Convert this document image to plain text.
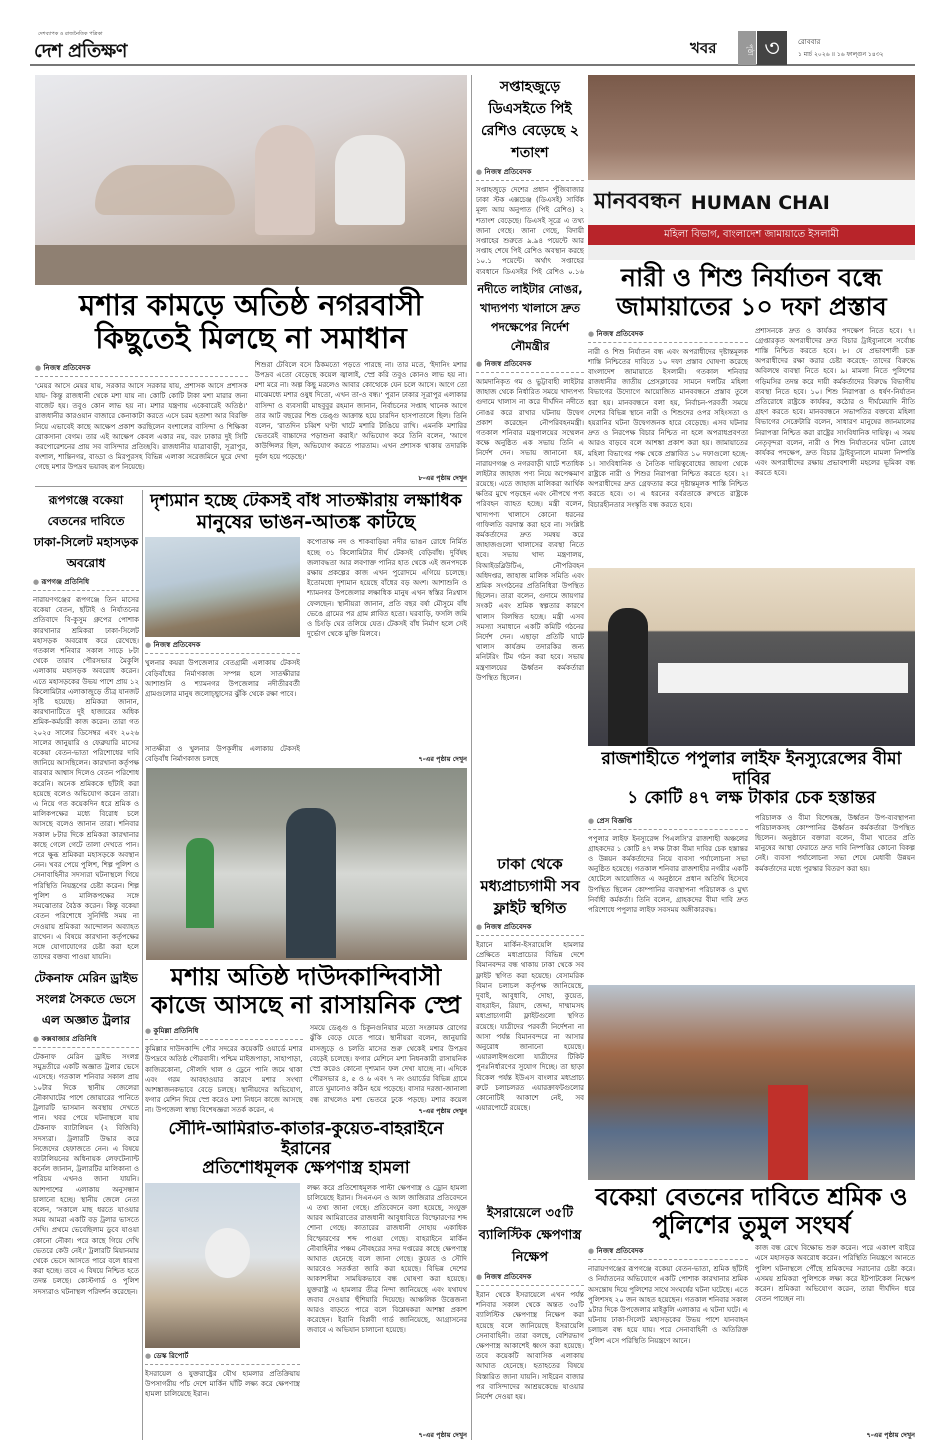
দেশব্যাপক ও রাজনৈতিক পত্রিকা
দেশ প্রতিক্ষণ	খবর	পৃষ্ঠা ৩	রোববার
১ মার্চ ২০২৬ ॥ ১৬ ফাল্গুন ১৪৩২
মশার কামড়ে অতিষ্ঠ নগরবাসী
কিছুতেই মিলছে না সমাধান
● নিজস্ব প্রতিবেদক
'মেয়র আসে মেয়র যায়, সরকার আসে সরকার যায়, প্রশাসক আসে প্রশাসক যায়- কিন্তু রাজধানী থেকে মশা যায় না। কোটি কোটি টাকা মশা মারার জন্য বাজেট হয়। তবুও কোন লাভ হয় না। মশার যন্ত্রণায় একেবারেই অতিষ্ঠ।' রাজধানীর কারওয়ান বাজারে কেনাকাটা করতে এসে চরম হতাশা আর বিরক্তি নিয়ে এভাবেই কাছে আক্ষেপ প্রকাশ করছিলেন বংশালের বাসিন্দা ও শিক্ষিকা রোকসানা বেগম। তার এই আক্ষেপ কেবল একার নয়, বরং ঢাকার দুই সিটি করপোরেশনের প্রায় সব বাসিন্দার প্রতিচ্ছবি। রাজধানীর যাত্রাবাড়ী, সূত্রাপুর, বংশাল, শান্তিনগর, বাড্ডা ও মিরপুরসহ বিভিন্ন এলাকা সরেজমিনে ঘুরে দেখা গেছে মশার উপদ্রব ভয়াবহ রূপ নিয়েছে।
শিশুরা টেবিলে বসে ঠিকমতো পড়তে পারছে না। তার মতে, 'ইদানিং মশার উপদ্রব এতো বেড়েছে কয়েল জ্বালাই, স্প্রে করি তবুও কোনও লাভ হয় না। মশা মরে না। অল্প কিছু মরলেও আবার কোত্থেকে যেন চলে আসে। আগে তো মাঝেমধ্যে মশার ওষুধ দিতো, এখন তা-ও বন্ধ।' পুরান ঢাকার সূত্রাপুর এলাকার বাসিন্দা ও ব্যবসায়ী মাহবুবুর রহমান জানান, নির্বাচনের সপ্তাহ খানেক আগে তার আট বছরের শিশু ডেঙ্গু আক্রান্ত হয়ে চারদিন হাসপাতালে ছিল। তিনি বলেন, 'রাতদিন চব্বিশ ঘণ্টা খাটে মশারি টাঙিয়ে রাখি। এমনকি মশারির ভেতরেই বাচ্চাদের পড়াশুনা করাই।' অভিযোগ করে তিনি বলেন, 'আগে কাউন্সিলর ছিল, অভিযোগ করতে পারতাম। এখন প্রশাসক থাকায় তদারকি দুর্বল হয়ে পড়েছে।'
৮-এর পৃষ্ঠায় দেখুন
সপ্তাহজুড়ে ডিএসইতে পিই রেশিও বেড়েছে ২ শতাংশ
● নিজস্ব প্রতিবেদক
সপ্তাহজুড়ে দেশের প্রধান পুঁজিবাজার ঢাকা স্টক এক্সচেঞ্জ (ডিএসই) সার্বিক মূল্য আয় অনুপাত (পিই রেশিও) ২ শতাংশ বেড়েছে। ডিএসই সূত্রে এ তথ্য জানা গেছে। জানা গেছে, বিদায়ী সপ্তাহের শুরুতে ৯.৯৪ পয়েন্টে আর সপ্তাহ শেষে পিই রেশিও অবস্থান করছে ১০.১ পয়েন্টে। অর্থাৎ সপ্তাহের ব্যবধানে ডিএসইর পিই রেশিও ০.১৬
নদীতে লাইটার নোঙর, খাদ্যপণ্য খালাসে দ্রুত পদক্ষেপের নির্দেশ নৌমন্ত্রীর
● নিজস্ব প্রতিবেদক
আমদানিকৃত গম ও ভুট্টাবাহী লাইটার জাহাজ থেকে নির্ধারিত সময়ে খাদ্যপণ্য গুদামে খালাস না করে দীর্ঘদিন নদীতে নোঙর করে রাখার ঘটনায় উদ্বেগ প্রকাশ করেছেন নৌপরিবহনমন্ত্রী। গতকাল শনিবার মন্ত্রণালয়ের সম্মেলন কক্ষে অনুষ্ঠিত এক সভায় তিনি এ নির্দেশ দেন। সভায় জানানো হয়, নারায়ণগঞ্জ ও নগরবাড়ী ঘাটে শতাধিক লাইটার জাহাজ পণ্য নিয়ে অপেক্ষমাণ রয়েছে। এতে জাহাজ মালিকরা আর্থিক ক্ষতির মুখে পড়ছেন এবং নৌপথে পণ্য পরিবহন ব্যাহত হচ্ছে। মন্ত্রী বলেন, খাদ্যপণ্য খালাসে কোনো ধরনের গাফিলতি বরদাস্ত করা হবে না। সংশ্লিষ্ট কর্মকর্তাদের দ্রুত সমন্বয় করে জাহাজগুলো খালাসের ব্যবস্থা নিতে হবে। সভায় খাদ্য মন্ত্রণালয়, বিআইডব্লিউটিএ, নৌপরিবহন অধিদপ্তর, জাহাজ মালিক সমিতি এবং শ্রমিক সংগঠনের প্রতিনিধিরা উপস্থিত ছিলেন। তারা বলেন, গুদামে জায়গার সংকট এবং শ্রমিক স্বল্পতার কারণে খালাস বিলম্বিত হচ্ছে। মন্ত্রী এসব সমস্যা সমাধানে একটি কমিটি গঠনের নির্দেশ দেন। এছাড়া প্রতিটি ঘাটে খালাস কার্যক্রম তদারকির জন্য মনিটরিং টিম গঠন করা হবে। সভায় মন্ত্রণালয়ের ঊর্ধ্বতন কর্মকর্তারা উপস্থিত ছিলেন।
ঢাকা থেকে মধ্যপ্রাচ্যগামী সব ফ্লাইট স্থগিত
● নিজস্ব প্রতিবেদক
ইরানে মার্কিন-ইসরায়েলি হামলার প্রেক্ষিতে মধ্যপ্রাচ্যের বিভিন্ন দেশে বিমানবন্দর বন্ধ থাকায় ঢাকা থেকে সব ফ্লাইট স্থগিত করা হয়েছে। বেসামরিক বিমান চলাচল কর্তৃপক্ষ জানিয়েছে, দুবাই, আবুধাবি, দোহা, কুয়েত, বাহরাইন, রিয়াদ, জেদ্দা, দাম্মামসহ মধ্যপ্রাচ্যগামী ফ্লাইটগুলো স্থগিত রয়েছে। যাত্রীদের পরবর্তী নির্দেশনা না আসা পর্যন্ত বিমানবন্দরে না আসার অনুরোধ জানানো হয়েছে। এয়ারলাইন্সগুলো যাত্রীদের টিকিট পুনঃনির্ধারণের সুযোগ দিচ্ছে। তা ছাড়া বিকেল পর্যন্ত ইউএস বাংলার মধ্যপ্রাচ্য রুটে চলাচলরত এয়ারক্রাফটগুলোর কোনোটিই আকাশে নেই, সব এয়ারপোর্টে রয়েছে।
ইসরায়েলে ৩৫টি ব্যালিস্টিক ক্ষেপণাস্ত্র নিক্ষেপ
● নিজস্ব প্রতিবেদক
ইরান থেকে ইসরায়েলে এখন পর্যন্ত শনিবার সকাল থেকে অন্তত ৩৫টি ব্যালিস্টিক ক্ষেপণাস্ত্র নিক্ষেপ করা হয়েছে বলে জানিয়েছে ইসরায়েলি সেনাবাহিনী। তারা বলছে, বেশিরভাগ ক্ষেপণাস্ত্র আকাশেই ধ্বংস করা হয়েছে। তবে কয়েকটি আবাসিক এলাকায় আঘাত হেনেছে। হতাহতের বিষয়ে বিস্তারিত জানা যায়নি। সাইরেন বাজার পর বাসিন্দাদের আশ্রয়কেন্দ্রে যাওয়ার নির্দেশ দেওয়া হয়।
মানববন্ধন HUMAN CHAI
মহিলা বিভাগ, বাংলাদেশ জামায়াতে ইসলামী
নারী ও শিশু নির্যাতন বন্ধে
জামায়াতের ১০ দফা প্রস্তাব
● নিজস্ব প্রতিবেদক
নারী ও শিশু নির্যাতন বন্ধ এবং অপরাধীদের দৃষ্টান্তমূলক শাস্তি নিশ্চিতের দাবিতে ১০ দফা প্রস্তাব ঘোষণা করেছে বাংলাদেশ জামায়াতে ইসলামী। গতকাল শনিবার রাজধানীর জাতীয় প্রেসক্লাবের সামনে দলটির মহিলা বিভাগের উদ্যোগে আয়োজিত মানববন্ধনে প্রস্তাব তুলে ধরা হয়। মানববন্ধনে বলা হয়, নির্বাচন-পরবর্তী সময়ে দেশের বিভিন্ন স্থানে নারী ও শিশুদের ওপর সহিংসতা ও হয়রানির ঘটনা উদ্বেগজনক হারে বেড়েছে। এসব ঘটনার দ্রুত ও নিরপেক্ষ বিচার নিশ্চিত না হলে অপরাধপ্রবণতা আরও বাড়বে বলে আশঙ্কা প্রকাশ করা হয়। জামায়াতের মহিলা বিভাগের পক্ষ থেকে প্রস্তাবিত ১০ দফাগুলো হচ্ছে- ১। সাংবিধানিক ও নৈতিক দায়িত্ববোধের জায়গা থেকে রাষ্ট্রকে নারী ও শিশুর নিরাপত্তা নিশ্চিত করতে হবে। ২। অপরাধীদের দ্রুত গ্রেফতার করে দৃষ্টান্তমূলক শাস্তি নিশ্চিত করতে হবে। ৩। এ ধরনের বর্বরতাকে রুখতে রাষ্ট্রকে বিচারহীনতার সংস্কৃতি বন্ধ করতে হবে।
প্রশাসনকে দ্রুত ও কার্যকর পদক্ষেপ নিতে হবে। ৭। গ্রেপ্তারকৃত অপরাধীদের দ্রুত বিচার ট্রাইব্যুনালে সর্বোচ্চ শাস্তি নিশ্চিত করতে হবে। ৮। যে প্রভাবশালী চক্র অপরাধীদের রক্ষা করার চেষ্টা করেছে- তাদের বিরুদ্ধে অবিলম্বে ব্যবস্থা নিতে হবে। ৯। মামলা নিতে পুলিশের গড়িমসির তদন্ত করে দায়ী কর্মকর্তাদের বিরুদ্ধে বিভাগীয় ব্যবস্থা নিতে হবে। ১০। শিশু নিরাপত্তা ও ধর্ষণ-নির্যাতন প্রতিরোধে রাষ্ট্রকে কার্যকর, কঠোর ও দীর্ঘমেয়াদি নীতি গ্রহণ করতে হবে। মানববন্ধনে সভাপতির বক্তব্যে মহিলা বিভাগের সেক্রেটারি বলেন, সাধারণ মানুষের জানমালের নিরাপত্তা নিশ্চিত করা রাষ্ট্রের সাংবিধানিক দায়িত্ব। এ সময় নেতৃবৃন্দরা বলেন, নারী ও শিশু নির্যাতনের ঘটনা রোধে কার্যকর পদক্ষেপ, দ্রুত বিচার ট্রাইব্যুনালে মামলা নিষ্পত্তি এবং অপরাধীদের রক্ষায় প্রভাবশালী মহলের ভূমিকা বন্ধ করতে হবে।
রাজশাহীতে পপুলার লাইফ ইনস্যুরেন্সের বীমা দাবির
১ কোটি ৪৭ লক্ষ টাকার চেক হস্তান্তর
● প্রেস বিজ্ঞপ্তি
পপুলার লাইফ ইনস্যুরেন্স পিএলসি'র রাজশাহী অঞ্চলের গ্রাহকদের ১ কোটি ৪৭ লক্ষ টাকা বীমা দাবির চেক হস্তান্তর ও উন্নয়ন কর্মকর্তাদের নিয়ে ব্যবসা পর্যালোচনা সভা অনুষ্ঠিত হয়েছে। গতকাল শনিবার রাজশাহীর নগরীর একটি হোটেলে আয়োজিত এ অনুষ্ঠানে প্রধান অতিথি হিসেবে উপস্থিত ছিলেন কোম্পানির ব্যবস্থাপনা পরিচালক ও মুখ্য নির্বাহী কর্মকর্তা। তিনি বলেন, গ্রাহকদের বীমা দাবি দ্রুত পরিশোধে পপুলার লাইফ সবসময় অঙ্গীকারবদ্ধ।
পরিচালক ও বীমা বিশেষজ্ঞ, উর্ধ্বতন উপ-ব্যবস্থাপনা পরিচালকসহ কোম্পানির ঊর্ধ্বতন কর্মকর্তারা উপস্থিত ছিলেন। অনুষ্ঠানে বক্তারা বলেন, বীমা খাতের প্রতি মানুষের আস্থা ফেরাতে দ্রুত দাবি নিষ্পত্তির কোনো বিকল্প নেই। ব্যবসা পর্যালোচনা সভা শেষে মেধাবী উন্নয়ন কর্মকর্তাদের মধ্যে পুরস্কার বিতরণ করা হয়।
বকেয়া বেতনের দাবিতে শ্রমিক ও
পুলিশের তুমুল সংঘর্ষ
● নিজস্ব প্রতিবেদক
নারায়ণগঞ্জের রূপগঞ্জে বকেয়া বেতন-ভাতা, শ্রমিক ছাঁটাই ও নির্যাতনের অভিযোগে একটি পোশাক কারখানার শ্রমিক অসন্তোষ দিয়ে পুলিশের সাথে সংঘর্ষের ঘটনা ঘটেছে। এতে পুলিশসহ ২০ জন আহত হয়েছেন। গতকাল শনিবার সকাল ৯টার দিকে উপজেলার মাইকুলি এলাকার এ ঘটনা ঘটে। এ ঘটনায় ঢাকা-সিলেট মহাসড়কের উভয় পাশে যানবাহন চলাচল বন্ধ হয়ে যায়। পরে সেনাবাহিনী ও অতিরিক্ত পুলিশ এসে পরিস্থিতি নিয়ন্ত্রণে আনে।
কাজ বন্ধ রেখে বিক্ষোভ শুরু করেন। পরে একাংশ বাইরে এসে মহাসড়ক অবরোধ করেন। পরিস্থিতি নিয়ন্ত্রণে আনতে পুলিশ ঘটনাস্থলে পৌঁছে শ্রমিকদের সরানোর চেষ্টা করে। এসময় শ্রমিকরা পুলিশকে লক্ষ্য করে ইটপাটকেল নিক্ষেপ করেন। শ্রমিকরা অভিযোগ করেন, তারা দীর্ঘদিন ধরে বেতন পাচ্ছেন না।
৭-এর পৃষ্ঠায় দেখুন
রূপগঞ্জে বকেয়া বেতনের দাবিতে ঢাকা-সিলেট মহাসড়ক অবরোধ
● রূপগঞ্জ প্রতিনিধি
নারায়ণগঞ্জের রূপগঞ্জে তিন মাসের বকেয়া বেতন, ছাঁটাই ও নির্যাতনের প্রতিবাদে বি-কুসুম গ্রুপের পোশাক কারখানার শ্রমিকরা ঢাকা-সিলেট মহাসড়ক অবরোধ করে রেখেছে। গতকাল শনিবার সকাল সাড়ে ৮টা থেকে তারাব পৌরসভার মৈকুলি এলাকায় মহাসড়ক অবরোধ করেন। এতে মহাসড়কের উভয় পাশে প্রায় ১২ কিলোমিটার এলাকাজুড়ে তীব্র যানজট সৃষ্টি হয়েছে। শ্রমিকরা জানান, কারখানাটিতে দুই হাজারের অধিক শ্রমিক-কর্মচারী কাজ করেন। তারা গত ২০২৫ সালের ডিসেম্বর এবং ২০২৬ সালের জানুয়ারি ও ফেব্রুয়ারি মাসের বকেয়া বেতন-ভাতা পরিশোধের দাবি জানিয়ে আসছিলেন। কারখানা কর্তৃপক্ষ বারবার আশ্বাস দিলেও বেতন পরিশোধ করেনি। অনেক শ্রমিককে ছাঁটাই করা হয়েছে বলেও অভিযোগ করেন তারা। এ নিয়ে গত কয়েকদিন ধরে শ্রমিক ও মালিকপক্ষের মধ্যে বিরোধ চলে আসছে বলেও জানান তারা। শনিবার সকাল ৮টার দিকে শ্রমিকরা কারখানার কাছে গেলে গেটে তালা দেখতে পান। পরে ক্ষুব্ধ শ্রমিকরা মহাসড়কে অবস্থান নেন। খবর পেয়ে পুলিশ, শিল্প পুলিশ ও সেনাবাহিনীর সদস্যরা ঘটনাস্থলে গিয়ে পরিস্থিতি নিয়ন্ত্রণের চেষ্টা করেন। শিল্প পুলিশ ও মালিকপক্ষের সঙ্গে সমঝোতার বৈঠক করেন। কিন্তু বকেয়া বেতন পরিশোধে সুনির্দিষ্ট সময় না দেওয়ায় শ্রমিকরা আন্দোলন অব্যাহত রাখেন। এ বিষয়ে কারখানা কর্তৃপক্ষের সঙ্গে যোগাযোগের চেষ্টা করা হলে তাদের বক্তব্য পাওয়া যায়নি।
টেকনাফ মেরিন ড্রাইভ সংলগ্ন সৈকতে ভেসে এল অজ্ঞাত ট্রলার
● কক্সবাজার প্রতিনিধি
টেকনাফ মেরিন ড্রাইভ সংলগ্ন সমুদ্রতীরে একটি অজ্ঞাত ট্রলার ভেসে এসেছে। গতকাল শনিবার সকাল প্রায় ১০টার দিকে স্থানীয় জেলেরা নৌকাঘাটের পাশে জোয়ারের পানিতে ট্রলারটি ভাসমান অবস্থায় দেখতে পান। খবর পেয়ে ঘটনাস্থলে যায় টেকনাফ ব্যাটালিয়ন (২ বিজিবি) সদস্যরা। ট্রলারটি উদ্ধার করে নিজেদের হেফাজতে নেন। এ বিষয়ে ব্যাটালিয়নের অধিনায়ক লেফটেন্যান্ট কর্নেল জানান, ট্রলারটির মালিকানা ও পরিচয় এখনও জানা যায়নি। আশপাশের এলাকায় অনুসন্ধান চালানো হচ্ছে। স্থানীয় জেলে নেতা বলেন, 'সকালে মাছ ধরতে যাওয়ার সময় আমরা একটি বড় ট্রলার ভাসতে দেখি। প্রথমে ভেবেছিলাম ডুবে যাওয়া কোনো নৌকা। পরে কাছে গিয়ে দেখি ভেতরে কেউ নেই।' ট্রলারটি মিয়ানমার থেকে ভেসে আসতে পারে বলে ধারণা করা হচ্ছে। তবে এ বিষয়ে নিশ্চিত হতে তদন্ত চলছে। কোস্টগার্ড ও পুলিশ সদস্যরাও ঘটনাস্থল পরিদর্শন করেছেন।
দৃশ্যমান হচ্ছে টেকসই বাঁধ সাতক্ষীরায় লক্ষাধিক
মানুষের ভাঙন-আতঙ্ক কাটছে
● নিজস্ব প্রতিবেদক
খুলনার কয়রা উপজেলার বেতগ্রামী এলাকায় টেকসই বেড়িবাঁধের নির্মাণকাজ সম্পন্ন হলে সাতক্ষীরার আশাশুনি ও শ্যামনগর উপজেলার নদীতীরবর্তী গ্রামগুলোর মানুষ জলোচ্ছ্বাসের ঝুঁকি থেকে রক্ষা পাবে।
সাতক্ষীরা ও খুলনার উপকূলীয় এলাকায় টেকসই বেড়িবাঁধ নির্মাণকাজ চলছে
কপোতাক্ষ নদ ও শাকবাড়িয়া নদীর ভাঙন রোধে নির্মিত হচ্ছে ৩১ কিলোমিটার দীর্ঘ টেকসই বেড়িবাঁধ। দুর্বিষহ জলাবদ্ধতা আর লবণাক্ত পানির হাত থেকে এই জনপদকে রক্ষায় প্রকল্পের কাজ এখন পুরোদমে এগিয়ে চলেছে। ইতোমধ্যে দৃশ্যমান হয়েছে বাঁধের বড় অংশ। আশাশুনি ও শ্যামনগর উপজেলার লক্ষাধিক মানুষ এখন স্বস্তির নিঃশ্বাস ফেলছেন। স্থানীয়রা জানান, প্রতি বছর বর্ষা মৌসুমে বাঁধ ভেঙে গ্রামের পর গ্রাম প্লাবিত হতো। ঘরবাড়ি, ফসলি জমি ও চিংড়ি ঘের তলিয়ে যেত। টেকসই বাঁধ নির্মাণ হলে সেই দুর্ভোগ থেকে মুক্তি মিলবে।
৭-এর পৃষ্ঠায় দেখুন
মশায় অতিষ্ঠ দাউদকান্দিবাসী
কাজে আসছে না রাসায়নিক স্প্রে
● কুমিল্লা প্রতিনিধি
কুমিল্লার দাউদকান্দি পৌর সদরের কয়েকটি ওয়ার্ডে মশার উপদ্রবে অতিষ্ঠ পৌরবাসী। পশ্চিম মাইজপাড়া, সাহাপাড়া, কাজিরকোনা, সৌলদি খাল ও ড্রেনে পানি জমে থাকা এবং গরম আবহাওয়ার কারণে মশার সংখ্যা আশঙ্কাজনকভাবে বেড়ে চলছে। স্থানীয়দের অভিযোগ, ফগার মেশিন দিয়ে স্প্রে করেও মশা নিধনে কাজে আসছে না। উপজেলা স্বাস্থ্য বিশেষজ্ঞরা সতর্ক করেন, এ
সময়ে ডেঙ্গু ও চিকুনগুনিয়ার মতো সংক্রামক রোগের ঝুঁকি বেড়ে যেতে পারে। স্থানীয়রা বলেন, জানুয়ারি মাসজুড়ে ও চলতি মাসের শুরু থেকেই মশার উপদ্রব বেড়েই চলেছে। ফগার মেশিনে মশা নিধনকারী রাসায়নিক স্প্রে করেও কোনো দৃশ্যমান ফল দেখা যাচ্ছে না। এদিকে পৌরসভার ৪, ৫ ও ৬ এবং ৭ নং ওয়ার্ডের বিভিন্ন গ্রামে রাতে ঘুমানোও কঠিন হয়ে পড়েছে। বাসার দরজা-জানালা বন্ধ রাখলেও মশা ভেতরে ঢুকে পড়ছে। মশার কয়েল
৭-এর পৃষ্ঠায় দেখুন
সৌদি-আমিরাত-কাতার-কুয়েত-বাহরাইনে ইরানের
প্রতিশোধমূলক ক্ষেপণাস্ত্র হামলা
● ডেস্ক রিপোর্ট
ইসরায়েল ও যুক্তরাষ্ট্রের যৌথ হামলার প্রতিক্রিয়ায় উপসাগরীয় পাঁচ দেশে মার্কিন ঘাঁটি লক্ষ্য করে ক্ষেপণাস্ত্র হামলা চালিয়েছে ইরান।
লক্ষ্য করে প্রতিশোধমূলক পাল্টা ক্ষেপণাস্ত্র ও ড্রোন হামলা চালিয়েছে ইরান। সিএনএন ও আল জাজিরার প্রতিবেদনে এ তথ্য জানা গেছে। প্রতিবেদনে বলা হয়েছে, সংযুক্ত আরব আমিরাতের রাজধানী আবুধাবিতে বিস্ফোরণের শব্দ শোনা গেছে। কাতারের রাজধানী দোহায় একাধিক বিস্ফোরণের শব্দ পাওয়া গেছে। বাহরাইনে মার্কিন নৌবাহিনীর পঞ্চম নৌবহরের সদর দপ্তরের কাছে ক্ষেপণাস্ত্র আঘাত হেনেছে বলে জানা গেছে। কুয়েত ও সৌদি আরবেও সতর্কতা জারি করা হয়েছে। বিভিন্ন দেশের আকাশসীমা সাময়িকভাবে বন্ধ ঘোষণা করা হয়েছে। যুক্তরাষ্ট্র এ হামলার তীব্র নিন্দা জানিয়েছে এবং যথাযথ জবাব দেওয়ার হুঁশিয়ারি দিয়েছে। আঞ্চলিক উত্তেজনা আরও বাড়তে পারে বলে বিশ্লেষকরা আশঙ্কা প্রকাশ করেছেন। ইরানি বিপ্লবী গার্ড জানিয়েছে, আগ্রাসনের জবাবে এ অভিযান চালানো হয়েছে।
৭-এর পৃষ্ঠায় দেখুন
